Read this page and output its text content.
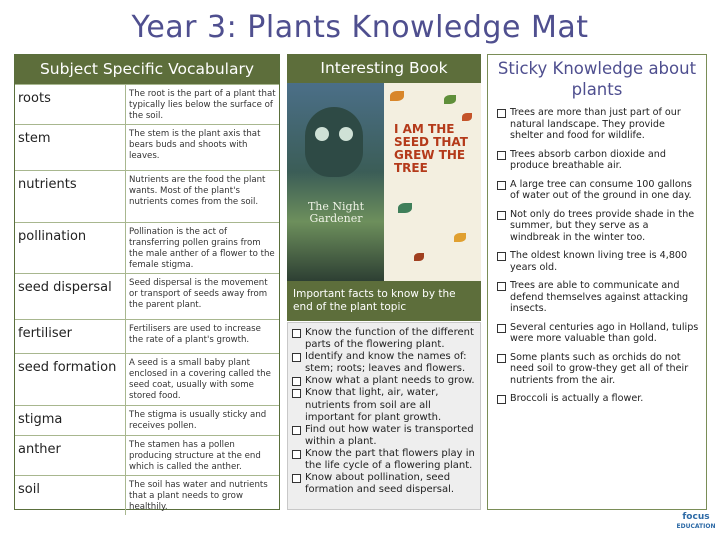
Year 3: Plants Knowledge Mat
Subject Specific Vocabulary
roots	The root is the part of a plant that typically lies below the surface of the soil.
stem	The stem is the plant axis that bears buds and shoots with leaves.
nutrients	Nutrients are the food the plant wants. Most of the plant's nutrients comes from the soil.
pollination	Pollination is the act of transferring pollen grains from the male anther of a flower to the female stigma.
seed dispersal	Seed dispersal is the movement or transport of seeds away from the parent plant.
fertiliser	Fertilisers are used to increase the rate of a plant's growth.
seed formation	A seed is a small baby plant enclosed in a covering called the seed coat, usually with some stored food.
stigma	The stigma is usually sticky and receives pollen.
anther	The stamen has a pollen producing structure at the end which is called the anther.
soil	The soil has water and nutrients that a plant needs to grow healthily.
Interesting Book
The Night Gardener
I AM THE SEED THAT GREW THE TREE
Important facts to know by the end of the plant topic
Know the function of the different parts of the flowering plant.
Identify and know the names of: stem; roots; leaves and flowers.
Know what a plant needs to grow.
Know that light, air, water, nutrients from soil are all important for plant growth.
Find out how water is transported within a plant.
Know the part that flowers play in the life cycle of a flowering plant.
Know about pollination, seed formation and seed dispersal.
Sticky Knowledge about plants
Trees are more than just part of our natural landscape. They provide shelter and food for wildlife.
Trees absorb carbon dioxide and produce breathable air.
A large tree can consume 100 gallons of water out of the ground in one day.
Not only do trees provide shade in the summer, but they serve as a windbreak in the winter too.
The oldest known living tree is 4,800 years old.
Trees are able to communicate and defend themselves against attacking insects.
Several centuries ago in Holland, tulips were more valuable than gold.
Some plants such as orchids do not need soil to grow-they get all of their nutrients from the air.
Broccoli is actually a flower.
focus
EDUCATION
